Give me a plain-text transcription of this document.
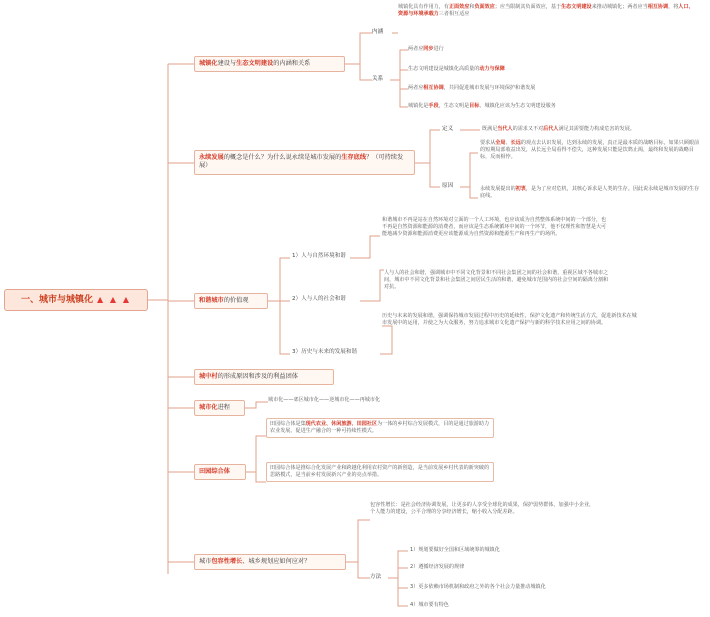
一、城市与城镇化 ▲ ▲ ▲
城镇化建设与生态文明建设的内涵和关系
内涵
城镇化具有作用力，有正面效应和负面效应；应当限制其负面效应，基于生态文明建设来推动城镇化；两者应当相互协调，将人口、资源与环境承载力三者相互适应
关系
两者应同步进行
生态文明建设是城镇化高质量的动力与保障
两者应相互协调，共同促进城市发展与环境保护和谐发展
城镇化是手段，生态文明是目标，城镇化应该为生态文明建设服务
永续发展的概念是什么？为什么说永续是城市发展的生存底线？（可持续发展）
定义	既满足当代人的需求又不对后代人满足其需要能力构成危害的发展。
原因
要求从全局、长远的观点去认识发展，达到永续的发展，真正是最本质的战略目标，如果只顾眼前的短期局部收益出发，从长远全局看得不偿失，这种发展只能是饮鸩止渴，最终和发展的战略目标，反而相悖。
永续发展提出的初衷，是为了应对危机，其核心诉求是人类的生存。因此说永续是城市发展的生存底线。
和谐城市的价值观
1）人与自然环境和谐
和谐城市不再是站在自然环境对立面的一个人工环境，也应该成为自然整体系统中间的一个部分，也不再是自然资源和能源的消费者，而应该是生态系统循环中间的一个环节，他不仅理性和智慧是大可能地减少资源和能源消费更应该能源成为自然资源和能源生产和再生产的场所。
2）人与人的社会和谐
人与人的社会和谐，强调城市中不同文化背景和不同社会集团之间的社会和谐，重视区域不各城市之间，城市中不同文化背景和社会集团之间居民生活的和谐，避免城市范围内的社会空间的隔离分割和对抗。
3）历史与未来的发展和谐
历史与未来的发展和谐，强调保持城市发展过程中历史的延续性，保护文化遗产和传统生活方式，促进新技术在城市发展中的运用，并使之为大众服务，努力追求城市文化遗产保护与新的科学技术应用之间的协调。
城中村的形成原因和涉及的利益团体
城市化进程
城市化——郊区城市化——逆城市化——再城市化
田园综合体
田园综合体是集现代农业、休闲旅游、田园社区为一体的乡村综合发展模式，目的是通过旅游助力农业发展、促进生产融合的一种可持续性模式。
田园综合体是推综合化发展产业和跨越化利用农村资产的新创造，是当前发展乡村代表的新突破的思路模式，是当前乡村发展新兴产业的亮点举措。
城市包容性增长、城乡规划应如何应对？
包容性增长：是社会经济协调发展，让更多的人享受全球化的成果，保护弱势群体，加强中小企业，个人能力的建设，公平合理的分享经济增长，缩小收入分配差距。
方法
1）规划要做好全国和区域统筹的城镇化
2）遵循经济发展的规律
3）更多依赖市场机制和政府之外的各个社会力量推动城镇化
4）城市要有特色
